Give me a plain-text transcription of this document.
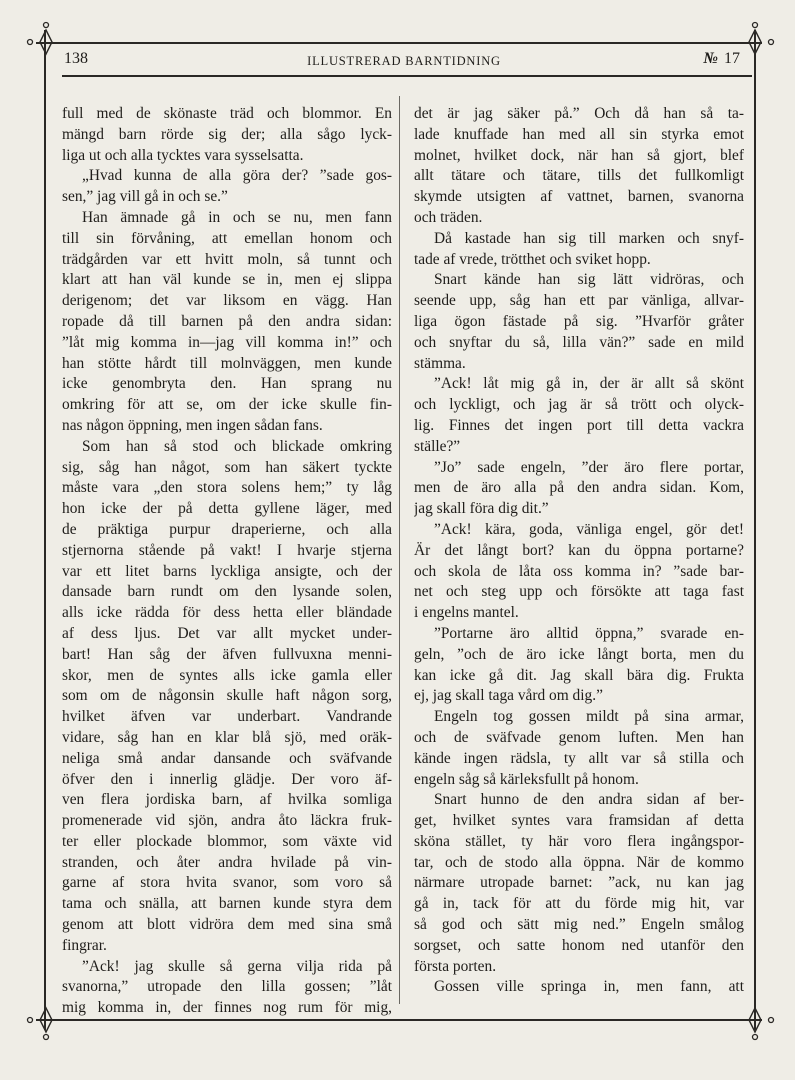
138	ILLUSTRERAD BARNTIDNING	№ 17
full med de skönaste träd och blommor. En
mängd barn rörde sig der; alla sågo lyck-
liga ut och alla tycktes vara sysselsatta.
„Hvad kunna de alla göra der? ”sade gos-
sen,” jag vill gå in och se.”
Han ämnade gå in och se nu, men fann
till sin förvåning, att emellan honom och
trädgården var ett hvitt moln, så tunnt och
klart att han väl kunde se in, men ej slippa
derigenom; det var liksom en vägg. Han
ropade då till barnen på den andra sidan:
”låt mig komma in—jag vill komma in!” och
han stötte hårdt till molnväggen, men kunde
icke genombryta den. Han sprang nu
omkring för att se, om der icke skulle fin-
nas någon öppning, men ingen sådan fans.
Som han så stod och blickade omkring
sig, såg han något, som han säkert tyckte
måste vara „den stora solens hem;” ty låg
hon icke der på detta gyllene läger, med
de präktiga purpur draperierne, och alla
stjernorna stående på vakt! I hvarje stjerna
var ett litet barns lyckliga ansigte, och der
dansade barn rundt om den lysande solen,
alls icke rädda för dess hetta eller bländade
af dess ljus. Det var allt mycket under-
bart! Han såg der äfven fullvuxna menni-
skor, men de syntes alls icke gamla eller
som om de någonsin skulle haft någon sorg,
hvilket äfven var underbart. Vandrande
vidare, såg han en klar blå sjö, med oräk-
neliga små andar dansande och sväfvande
öfver den i innerlig glädje. Der voro äf-
ven flera jordiska barn, af hvilka somliga
promenerade vid sjön, andra åto läckra fruk-
ter eller plockade blommor, som växte vid
stranden, och åter andra hvilade på vin-
garne af stora hvita svanor, som voro så
tama och snälla, att barnen kunde styra dem
genom att blott vidröra dem med sina små
fingrar.
”Ack! jag skulle så gerna vilja rida på
svanorna,” utropade den lilla gossen; ”låt
mig komma in, der finnes nog rum för mig,
det är jag säker på.” Och då han så ta-
lade knuffade han med all sin styrka emot
molnet, hvilket dock, när han så gjort, blef
allt tätare och tätare, tills det fullkomligt
skymde utsigten af vattnet, barnen, svanorna
och träden.
Då kastade han sig till marken och snyf-
tade af vrede, trötthet och sviket hopp.
Snart kände han sig lätt vidröras, och
seende upp, såg han ett par vänliga, allvar-
liga ögon fästade på sig. ”Hvarför gråter
och snyftar du så, lilla vän?” sade en mild
stämma.
”Ack! låt mig gå in, der är allt så skönt
och lyckligt, och jag är så trött och olyck-
lig. Finnes det ingen port till detta vackra
ställe?”
”Jo” sade engeln, ”der äro flere portar,
men de äro alla på den andra sidan. Kom,
jag skall föra dig dit.”
”Ack! kära, goda, vänliga engel, gör det!
Är det långt bort? kan du öppna portarne?
och skola de låta oss komma in? ”sade bar-
net och steg upp och försökte att taga fast
i engelns mantel.
”Portarne äro alltid öppna,” svarade en-
geln, ”och de äro icke långt borta, men du
kan icke gå dit. Jag skall bära dig. Frukta
ej, jag skall taga vård om dig.”
Engeln tog gossen mildt på sina armar,
och de sväfvade genom luften. Men han
kände ingen rädsla, ty allt var så stilla och
engeln såg så kärleksfullt på honom.
Snart hunno de den andra sidan af ber-
get, hvilket syntes vara framsidan af detta
sköna stället, ty här voro flera ingångspor-
tar, och de stodo alla öppna. När de kommo
närmare utropade barnet: ”ack, nu kan jag
gå in, tack för att du förde mig hit, var
så god och sätt mig ned.” Engeln smålog
sorgset, och satte honom ned utanför den
första porten.
Gossen ville springa in, men fann, att
